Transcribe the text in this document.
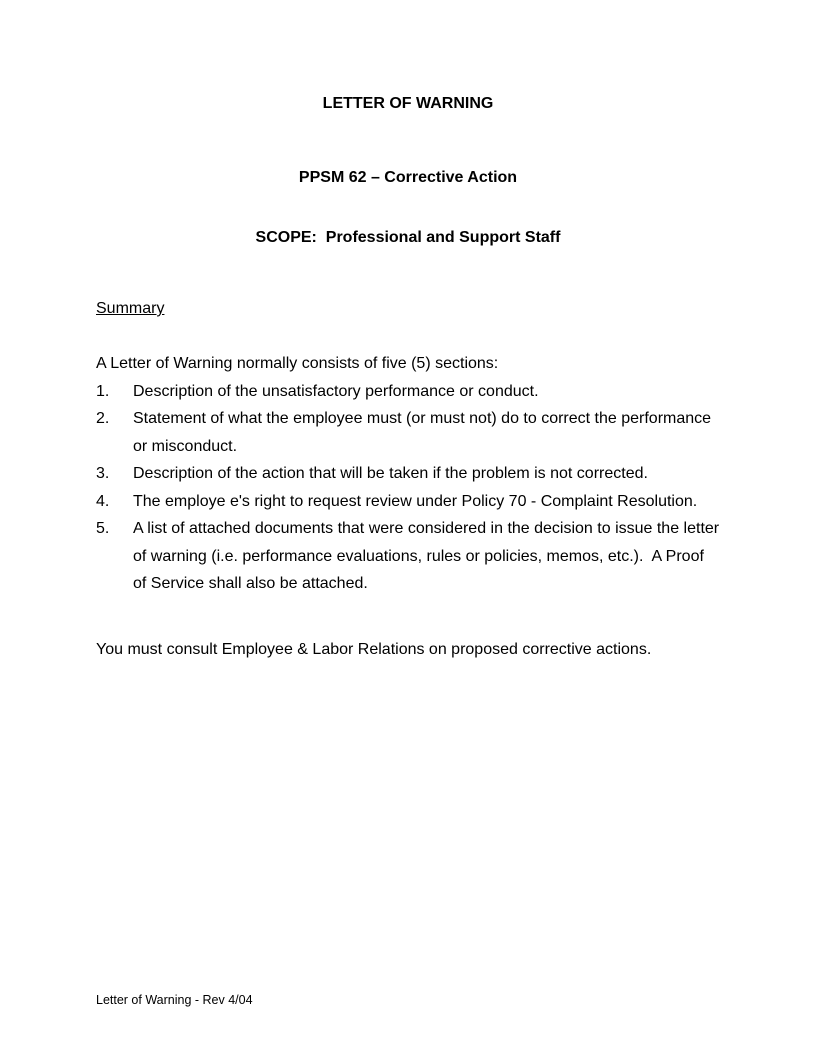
LETTER OF WARNING

PPSM 62 – Corrective Action

SCOPE:  Professional and Support Staff

Summary
A Letter of Warning normally consists of five (5) sections:
1.	Description of the unsatisfactory performance or conduct.
2.	Statement of what the employee must (or must not) do to correct the performance
or misconduct.
3.	Description of the action that will be taken if the problem is not corrected.
4.	The employe e's right to request review under Policy 70 - Complaint Resolution.
5.	A list of attached documents that were considered in the decision to issue the letter
of warning (i.e. performance evaluations, rules or policies, memos, etc.).  A Proof
of Service shall also be attached.
You must consult Employee & Labor Relations on proposed corrective actions.
Letter of Warning - Rev 4/04
